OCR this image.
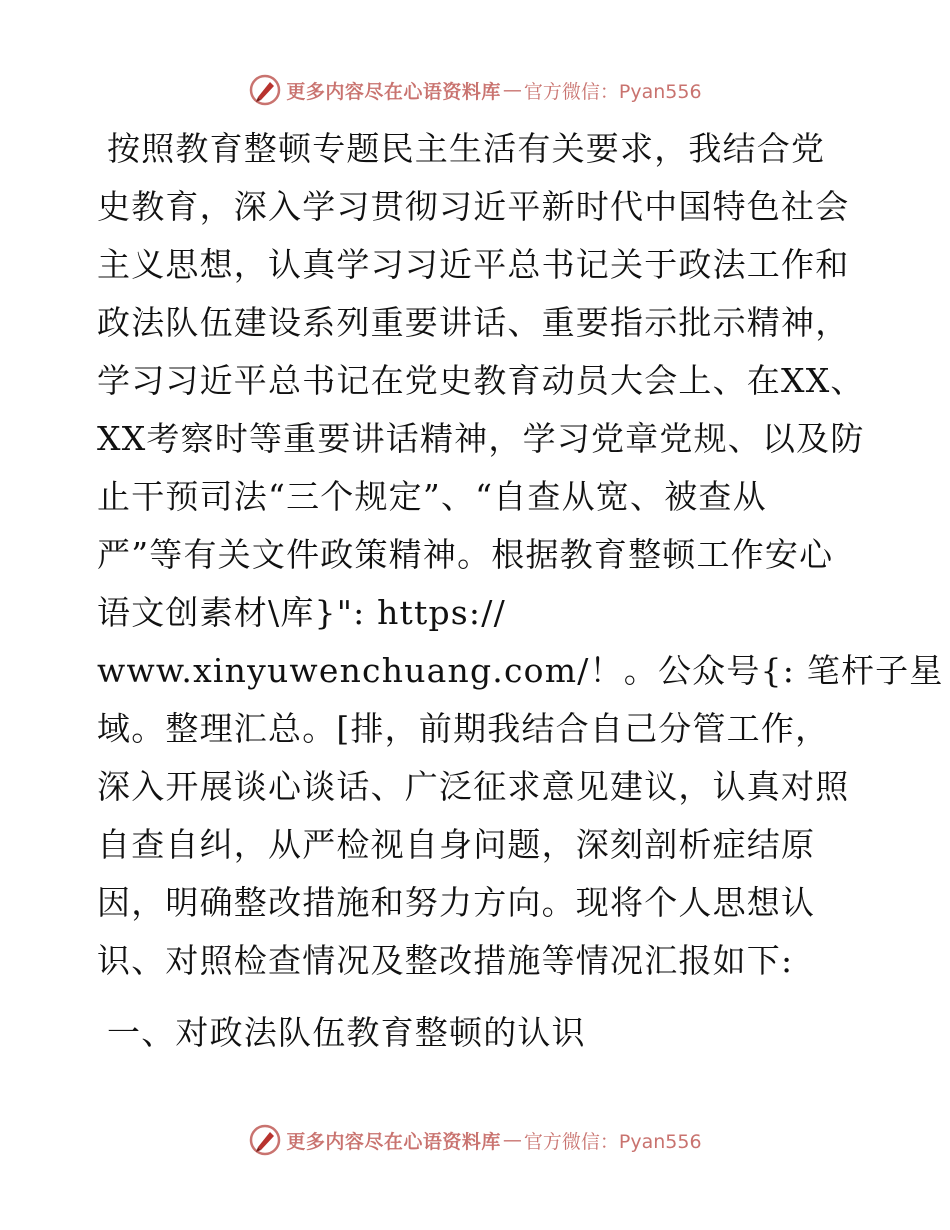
更多内容尽在心语资料库 — 官方微信：Pyan556
按照教育整顿专题民主生活有关要求，我结合党
史教育，深入学习贯彻习近平新时代中国特色社会
主义思想，认真学习习近平总书记关于政法工作和
政法队伍建设系列重要讲话、重要指示批示精神，
学习习近平总书记在党史教育动员大会上、在XX、
XX考察时等重要讲话精神，学习党章党规、以及防
止干预司法“三个规定”、“自查从宽、被查从
严”等有关文件政策精神。根据教育整顿工作安心
语文创素材\库}": https://
www.xinyuwenchuang.com/！。公众号{: 笔杆子星
域。整理汇总。[排，前期我结合自己分管工作，
深入开展谈心谈话、广泛征求意见建议，认真对照
自查自纠，从严检视自身问题，深刻剖析症结原
因，明确整改措施和努力方向。现将个人思想认
识、对照检查情况及整改措施等情况汇报如下:
一、对政法队伍教育整顿的认识
更多内容尽在心语资料库 — 官方微信：Pyan556
